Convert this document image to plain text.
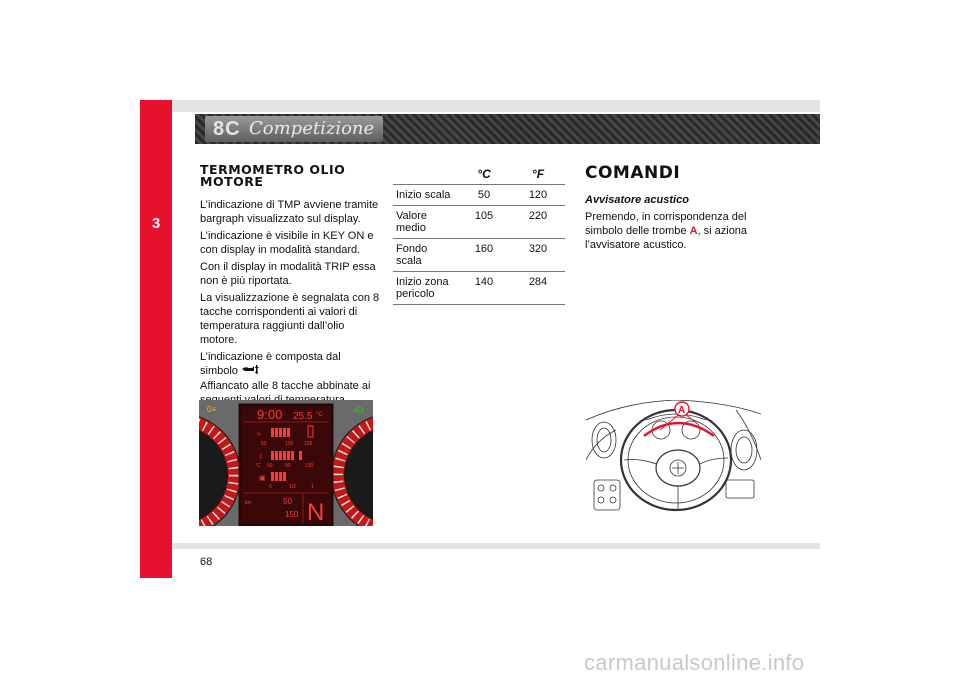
3
8C Competizione
TERMOMETRO OLIO MOTORE

L’indicazione di TMP avviene tramite bargraph visualizzato sul display.

L’indicazione è visibile in KEY ON e con display in modalità standard.

Con il display in modalità TRIP essa non è più riportata.

La visualizzazione è segnalata con 8 tacche corrispondenti ai valori di temperatura raggiunti dall’olio motore.

L’indicazione è composta dal simbolo

Affiancato alle 8 tacche abbinate ai

	°C	°F
Inizio scala	50	120
Valore medio	105	220
Fondo scala	160	320
Inizio zona pericolo	140	284
COMANDI
Avvisatore acustico
Premendo, in corrispondenza del simbolo delle trombe A, si aziona l’avvisatore acustico.
0≡	≡D
9:00 25.5 °C
≈
50	100 160
⌇
°C 50 90	130
▣
0	1/2	1
km	50
150 N
A
68
carmanualsonline.info
